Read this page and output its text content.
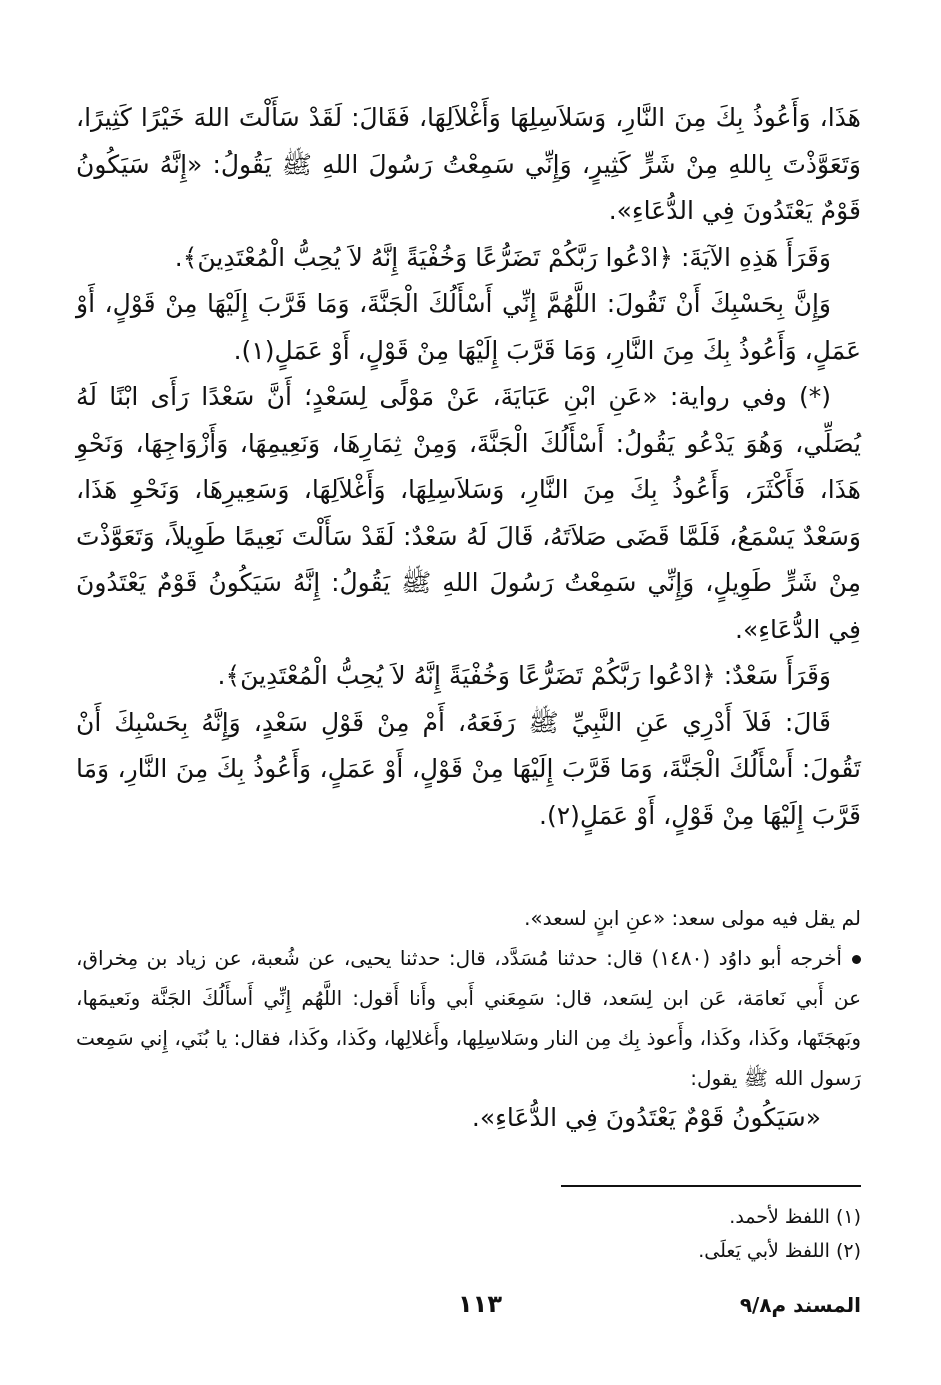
هَذَا، وَأَعُوذُ بِكَ مِنَ النَّارِ، وَسَلاَسِلِهَا وَأَغْلاَلِهَا، فَقَالَ: لَقَدْ سَأَلْتَ اللهَ خَيْرًا كَثِيرًا، وَتَعَوَّذْتَ بِاللهِ مِنْ شَرٍّ كَثِيرٍ، وَإِنِّي سَمِعْتُ رَسُولَ اللهِ ﷺ يَقُولُ: «إِنَّهُ سَيَكُونُ قَوْمٌ يَعْتَدُونَ فِي الدُّعَاءِ».

وَقَرَأَ هَذِهِ الآيَةَ: ﴿ادْعُوا رَبَّكُمْ تَضَرُّعًا وَخُفْيَةً إِنَّهُ لاَ يُحِبُّ الْمُعْتَدِينَ﴾.

وَإِنَّ بِحَسْبِكَ أَنْ تَقُولَ: اللَّهُمَّ إِنِّي أَسْأَلُكَ الْجَنَّةَ، وَمَا قَرَّبَ إِلَيْهَا مِنْ قَوْلٍ، أَوْ عَمَلٍ، وَأَعُوذُ بِكَ مِنَ النَّارِ، وَمَا قَرَّبَ إِلَيْهَا مِنْ قَوْلٍ، أَوْ عَمَلٍ(١).

(*) وفي رواية: «عَنِ ابْنِ عَبَايَةَ، عَنْ مَوْلًى لِسَعْدٍ؛ أَنَّ سَعْدًا رَأَى ابْنًا لَهُ يُصَلِّي، وَهُوَ يَدْعُو يَقُولُ: أَسْأَلُكَ الْجَنَّةَ، وَمِنْ ثِمَارِهَا، وَنَعِيمِهَا، وَأَزْوَاجِهَا، وَنَحْوِ هَذَا، فَأَكْثَرَ، وَأَعُوذُ بِكَ مِنَ النَّارِ، وَسَلاَسِلِهَا، وَأَغْلاَلِهَا، وَسَعِيرِهَا، وَنَحْوِ هَذَا، وَسَعْدٌ يَسْمَعُ، فَلَمَّا قَضَى صَلاَتَهُ، قَالَ لَهُ سَعْدٌ: لَقَدْ سَأَلْتَ نَعِيمًا طَوِيلاً، وَتَعَوَّذْتَ مِنْ شَرٍّ طَوِيلٍ، وَإِنِّي سَمِعْتُ رَسُولَ اللهِ ﷺ يَقُولُ: إِنَّهُ سَيَكُونُ قَوْمٌ يَعْتَدُونَ فِي الدُّعَاءِ».

وَقَرَأَ سَعْدٌ: ﴿ادْعُوا رَبَّكُمْ تَضَرُّعًا وَخُفْيَةً إِنَّهُ لاَ يُحِبُّ الْمُعْتَدِينَ﴾.

قَالَ: فَلاَ أَدْرِي عَنِ النَّبِيِّ ﷺ رَفَعَهُ، أَمْ مِنْ قَوْلِ سَعْدٍ، وَإِنَّهُ بِحَسْبِكَ أَنْ تَقُولَ: أَسْأَلُكَ الْجَنَّةَ، وَمَا قَرَّبَ إِلَيْهَا مِنْ قَوْلٍ، أَوْ عَمَلٍ، وَأَعُوذُ بِكَ مِنَ النَّارِ، وَمَا قَرَّبَ إِلَيْهَا مِنْ قَوْلٍ، أَوْ عَمَلٍ(٢).

لم يقل فيه مولى سعد: «عنِ ابنٍ لسعد».

أخرجه أبو داوُد (١٤٨٠) قال: حدثنا مُسَدَّد، قال: حدثنا يحيى، عن شُعبة، عن زياد بن مِخراق، عن أَبي نَعامَة، عَن ابن لِسَعد، قال: سَمِعَني أَبي وأَنا أَقول: اللَّهُم إِنِّي أَسأَلُكَ الجَنَّة ونَعيمَها، وبَهجَتَها، وكَذا، وكَذا، وأَعوذ بِك مِن النار وسَلاسِلِها، وأَغلالِها، وكَذا، وكَذا، فقال: يا بُنَي، إِني سَمِعت رَسول الله ﷺ يقول:

«سَيَكُونُ قَوْمٌ يَعْتَدُونَ فِي الدُّعَاءِ».

(١) اللفظ لأحمد.

(٢) اللفظ لأبي يَعلَى.

١١٣	المسند م٩/٨
